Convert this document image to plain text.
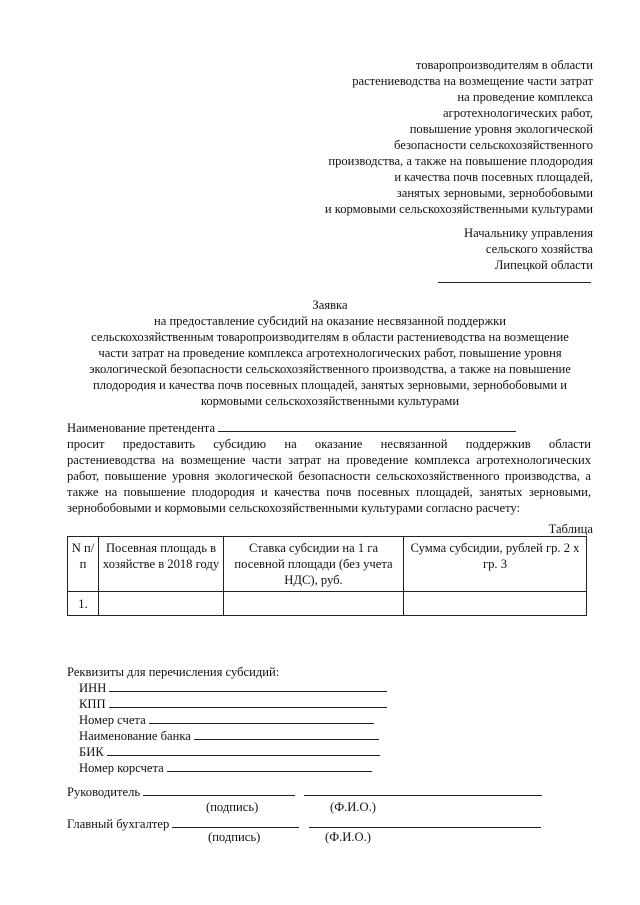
товаропроизводителям в области
растениеводства на возмещение части затрат
на проведение комплекса
агротехнологических работ,
повышение уровня экологической
безопасности сельскохозяйственного
производства, а также на повышение плодородия
и качества почв посевных площадей,
занятых зерновыми, зернобобовыми
и кормовыми сельскохозяйственными культурами
Начальнику управления
сельского хозяйства
Липецкой области
Заявка
на предоставление субсидий на оказание несвязанной поддержки
сельскохозяйственным товаропроизводителям в области растениеводства на возмещение
части затрат на проведение комплекса агротехнологических работ, повышение уровня
экологической безопасности сельскохозяйственного производства, а также на повышение
плодородия и качества почв посевных площадей, занятых зерновыми, зернобобовыми и
кормовыми сельскохозяйственными культурами
Наименование претендента
просит предоставить субсидию на оказание несвязанной поддержкив области
растениеводства на возмещение части затрат на проведение комплекса агротехнологических
работ, повышение уровня экологической безопасности сельскохозяйственного производства, а
также на повышение плодородия и качества почв посевных площадей, занятых зерновыми,
зернобобовыми и кормовыми сельскохозяйственными культурами согласно расчету:
Таблица
N п/п	Посевная площадь в хозяйстве в 2018 году	Ставка субсидии на 1 га посевной площади (без учета НДС), руб.	Сумма субсидии, рублей гр. 2 x гр. 3
1.			
Реквизиты для перечисления субсидий:
ИНН
КПП
Номер счета
Наименование банка
БИК
Номер корсчета
Руководитель
(подпись)	(Ф.И.О.)
Главный бухгалтер
(подпись)	(Ф.И.О.)
